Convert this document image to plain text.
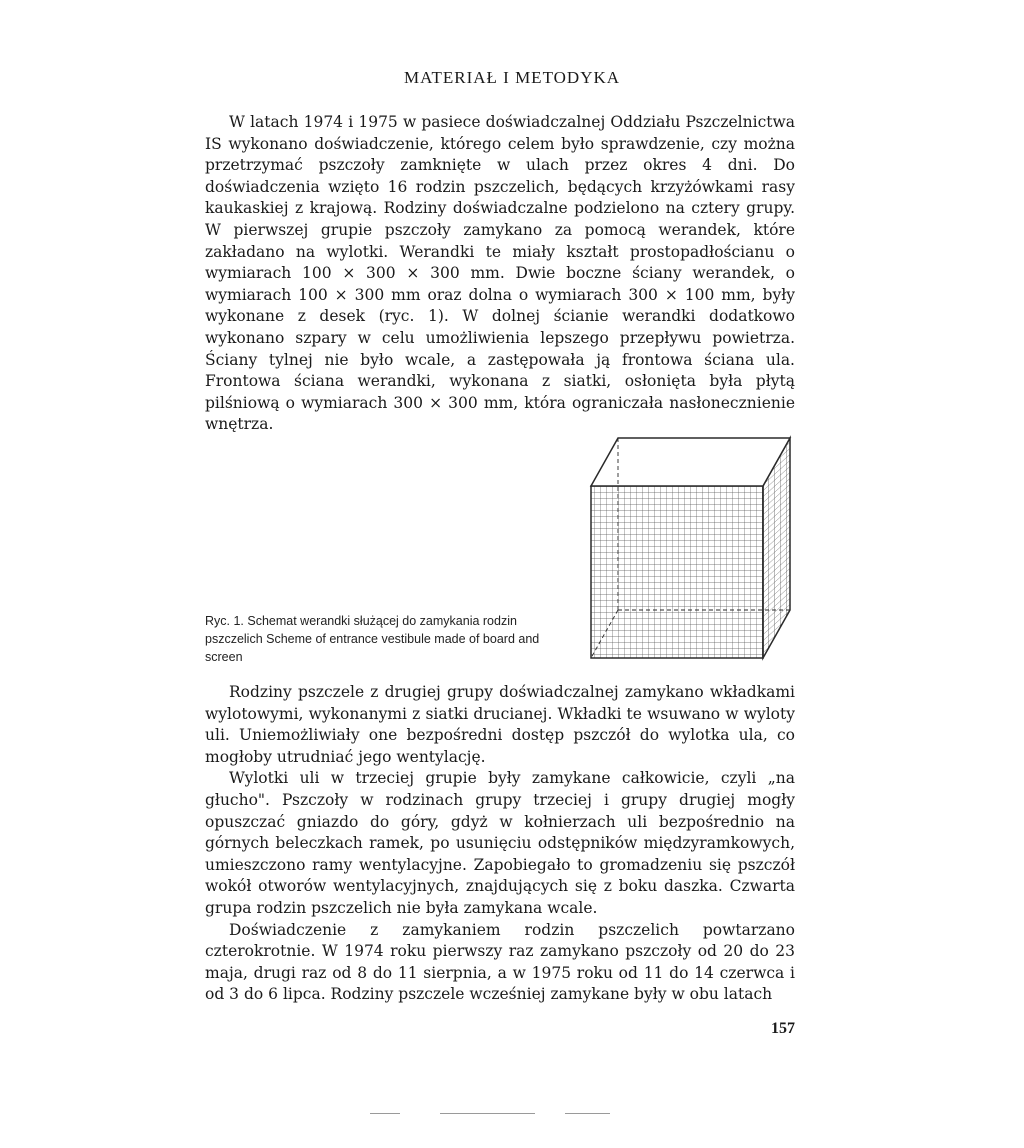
MATERIAŁ I METODYKA

W latach 1974 i 1975 w pasiece doświadczalnej Oddziału Pszczelnictwa IS wykonano doświadczenie, którego celem było sprawdzenie, czy można przetrzymać pszczoły zamknięte w ulach przez okres 4 dni. Do doświadczenia wzięto 16 rodzin pszczelich, będących krzyżówkami rasy kaukaskiej z krajową. Rodziny doświadczalne podzielono na cztery grupy. W pierwszej grupie pszczoły zamykano za pomocą werandek, które zakładano na wylotki. Werandki te miały kształt prostopadłościanu o wymiarach 100 × 300 × 300 mm. Dwie boczne ściany werandek, o wymiarach 100 × 300 mm oraz dolna o wymiarach 300 × 100 mm, były wykonane z desek (ryc. 1). W dolnej ścianie werandki dodatkowo wykonano szpary w celu umożliwienia lepszego przepływu powietrza. Ściany tylnej nie było wcale, a zastępowała ją frontowa ściana ula. Frontowa ściana werandki, wykonana z siatki, osłonięta była płytą pilśniową o wymiarach 300 × 300 mm, która ograniczała nasłonecznienie wnętrza.

Ryc. 1. Schemat werandki służącej do zamykania rodzin pszczelich Scheme of entrance vestibule made of board and screen

Rodziny pszczele z drugiej grupy doświadczalnej zamykano wkładkami wylotowymi, wykonanymi z siatki drucianej. Wkładki te wsuwano w wyloty uli. Uniemożliwiały one bezpośredni dostęp pszczół do wylotka ula, co mogłoby utrudniać jego wentylację.

Wylotki uli w trzeciej grupie były zamykane całkowicie, czyli „na głucho". Pszczoły w rodzinach grupy trzeciej i grupy drugiej mogły opuszczać gniazdo do góry, gdyż w kołnierzach uli bezpośrednio na górnych beleczkach ramek, po usunięciu odstępników międzyramkowych, umieszczono ramy wentylacyjne. Zapobiegało to gromadzeniu się pszczół wokół otworów wentylacyjnych, znajdujących się z boku daszka. Czwarta grupa rodzin pszczelich nie była zamykana wcale.

Doświadczenie z zamykaniem rodzin pszczelich powtarzano czterokrotnie. W 1974 roku pierwszy raz zamykano pszczoły od 20 do 23 maja, drugi raz od 8 do 11 sierpnia, a w 1975 roku od 11 do 14 czerwca i od 3 do 6 lipca. Rodziny pszczele wcześniej zamykane były w obu latach

157
